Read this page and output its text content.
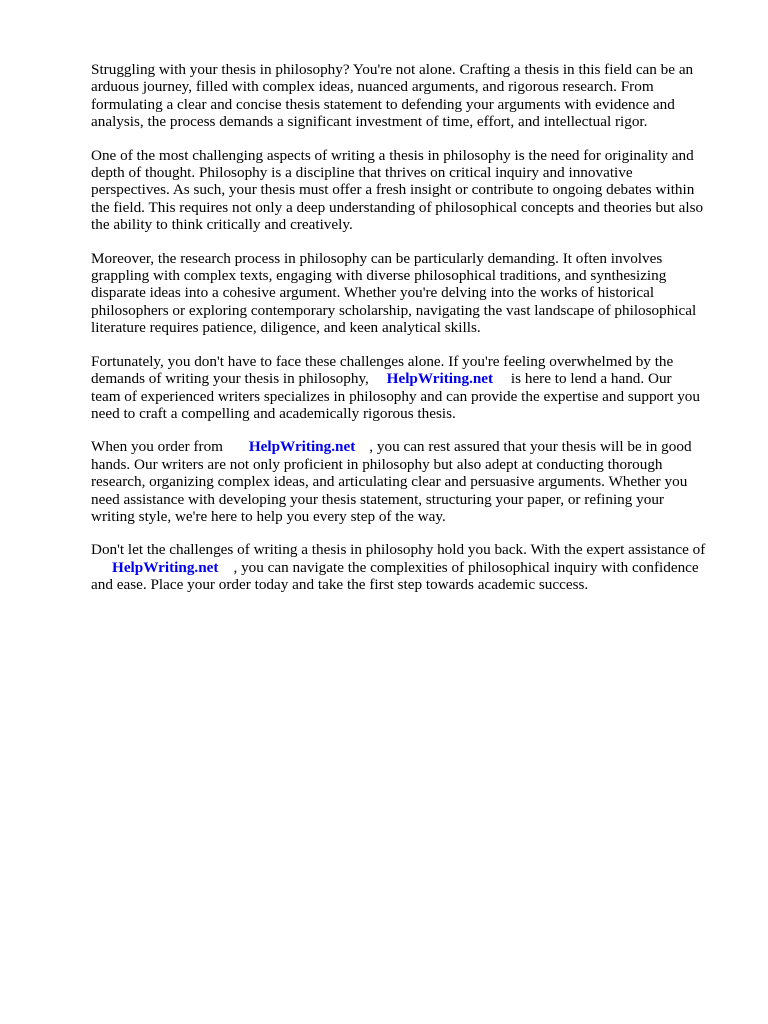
Struggling with your thesis in philosophy? You're not alone. Crafting a thesis in this field can be an
arduous journey, filled with complex ideas, nuanced arguments, and rigorous research. From
formulating a clear and concise thesis statement to defending your arguments with evidence and
analysis, the process demands a significant investment of time, effort, and intellectual rigor.

One of the most challenging aspects of writing a thesis in philosophy is the need for originality and
depth of thought. Philosophy is a discipline that thrives on critical inquiry and innovative
perspectives. As such, your thesis must offer a fresh insight or contribute to ongoing debates within
the field. This requires not only a deep understanding of philosophical concepts and theories but also
the ability to think critically and creatively.

Moreover, the research process in philosophy can be particularly demanding. It often involves
grappling with complex texts, engaging with diverse philosophical traditions, and synthesizing
disparate ideas into a cohesive argument. Whether you're delving into the works of historical
philosophers or exploring contemporary scholarship, navigating the vast landscape of philosophical
literature requires patience, diligence, and keen analytical skills.

Fortunately, you don't have to face these challenges alone. If you're feeling overwhelmed by the
demands of writing your thesis in philosophy, HelpWriting.net is here to lend a hand. Our
team of experienced writers specializes in philosophy and can provide the expertise and support you
need to craft a compelling and academically rigorous thesis.

When you order from HelpWriting.net , you can rest assured that your thesis will be in good
hands. Our writers are not only proficient in philosophy but also adept at conducting thorough
research, organizing complex ideas, and articulating clear and persuasive arguments. Whether you
need assistance with developing your thesis statement, structuring your paper, or refining your
writing style, we're here to help you every step of the way.

Don't let the challenges of writing a thesis in philosophy hold you back. With the expert assistance of
HelpWriting.net , you can navigate the complexities of philosophical inquiry with confidence
and ease. Place your order today and take the first step towards academic success.
